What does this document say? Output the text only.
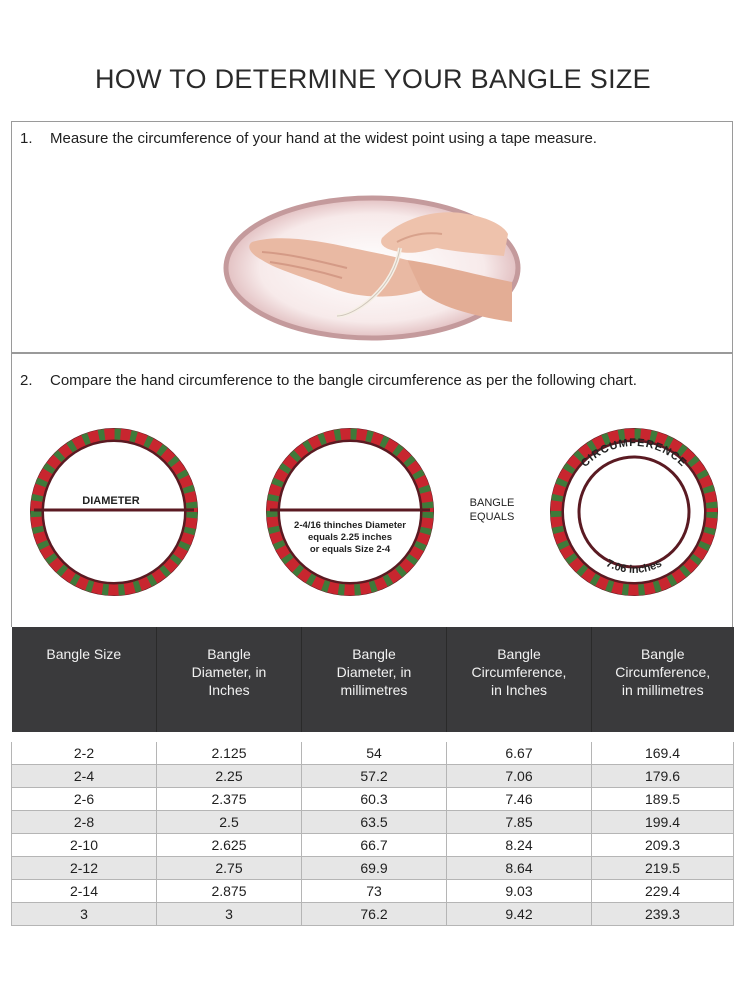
HOW TO DETERMINE YOUR BANGLE SIZE
1. Measure the circumference of your hand at the widest point using a tape measure.
2. Compare the hand circumference to the bangle circumference as per the following chart.
DIAMETER
2-4/16 thinches Diameter
equals 2.25 inches
or equals Size 2-4
BANGLE
EQUALS
CIRCUMFERENCE
7.06 inches
Bangle Size	Bangle
Diameter, in
Inches	Bangle
Diameter, in
millimetres	Bangle
Circumference,
in Inches	Bangle
Circumference,
in millimetres

2-2	2.125	54	6.67	169.4
2-4	2.25	57.2	7.06	179.6
2-6	2.375	60.3	7.46	189.5
2-8	2.5	63.5	7.85	199.4
2-10	2.625	66.7	8.24	209.3
2-12	2.75	69.9	8.64	219.5
2-14	2.875	73	9.03	229.4
3	3	76.2	9.42	239.3
